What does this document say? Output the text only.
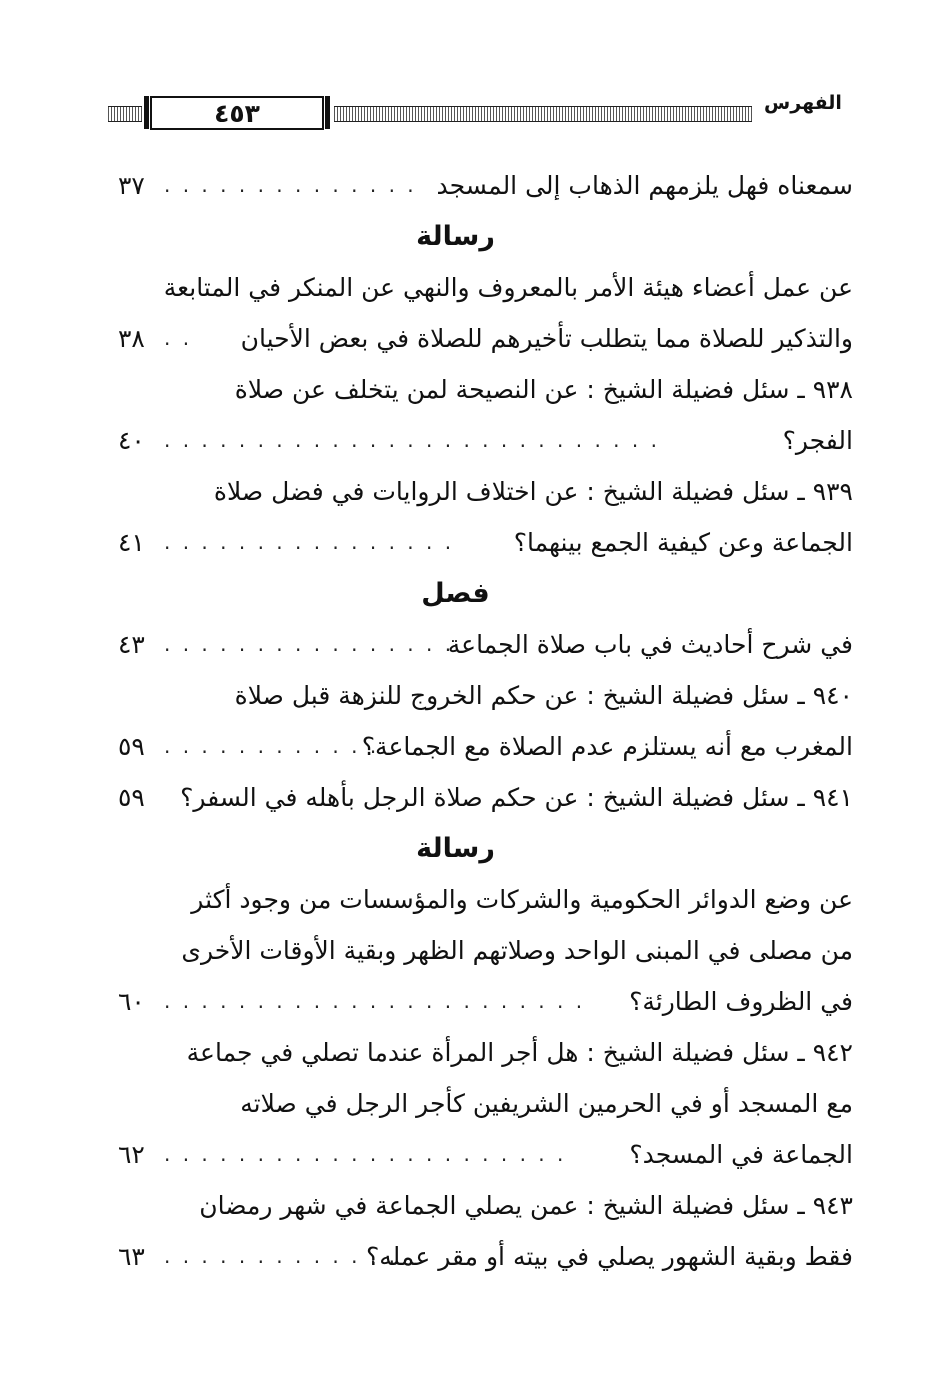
٤٥٣	الفهرس
سمعناه فهل يلزمهم الذهاب إلى المسجد
. . . . . . . . . . . . . .
٣٧
رسالة
عن عمل أعضاء هيئة الأمر بالمعروف والنهي عن المنكر في المتابعة
والتذكير للصلاة مما يتطلب تأخيرهم للصلاة في بعض الأحيان
. .
٣٨
٩٣٨ ـ سئل فضيلة الشيخ : عن النصيحة لمن يتخلف عن صلاة
الفجر؟
. . . . . . . . . . . . . . . . . . . . . . . . . . .
٤٠
٩٣٩ ـ سئل فضيلة الشيخ : عن اختلاف الروايات في فضل صلاة
الجماعة وعن كيفية الجمع بينهما؟
. . . . . . . . . . . . . . . .
٤١
فصل
في شرح أحاديث في باب صلاة الجماعة
. . . . . . . . . . . . . . . . .
٤٣
٩٤٠ ـ سئل فضيلة الشيخ : عن حكم الخروج للنزهة قبل صلاة
المغرب مع أنه يستلزم عدم الصلاة مع الجماعة؟
. . . . . . . . . . . .
٥٩
٩٤١ ـ سئل فضيلة الشيخ : عن حكم صلاة الرجل بأهله في السفر؟
٥٩
رسالة
عن وضع الدوائر الحكومية والشركات والمؤسسات من وجود أكثر
من مصلى في المبنى الواحد وصلاتهم الظهر وبقية الأوقات الأخرى
في الظروف الطارئة؟
. . . . . . . . . . . . . . . . . . . . . . .
٦٠
٩٤٢ ـ سئل فضيلة الشيخ : هل أجر المرأة عندما تصلي في جماعة
مع المسجد أو في الحرمين الشريفين كأجر الرجل في صلاته
الجماعة في المسجد؟
. . . . . . . . . . . . . . . . . . . . . .
٦٢
٩٤٣ ـ سئل فضيلة الشيخ : عمن يصلي الجماعة في شهر رمضان
فقط وبقية الشهور يصلي في بيته أو مقر عمله؟
. . . . . . . . . . . . .
٦٣
